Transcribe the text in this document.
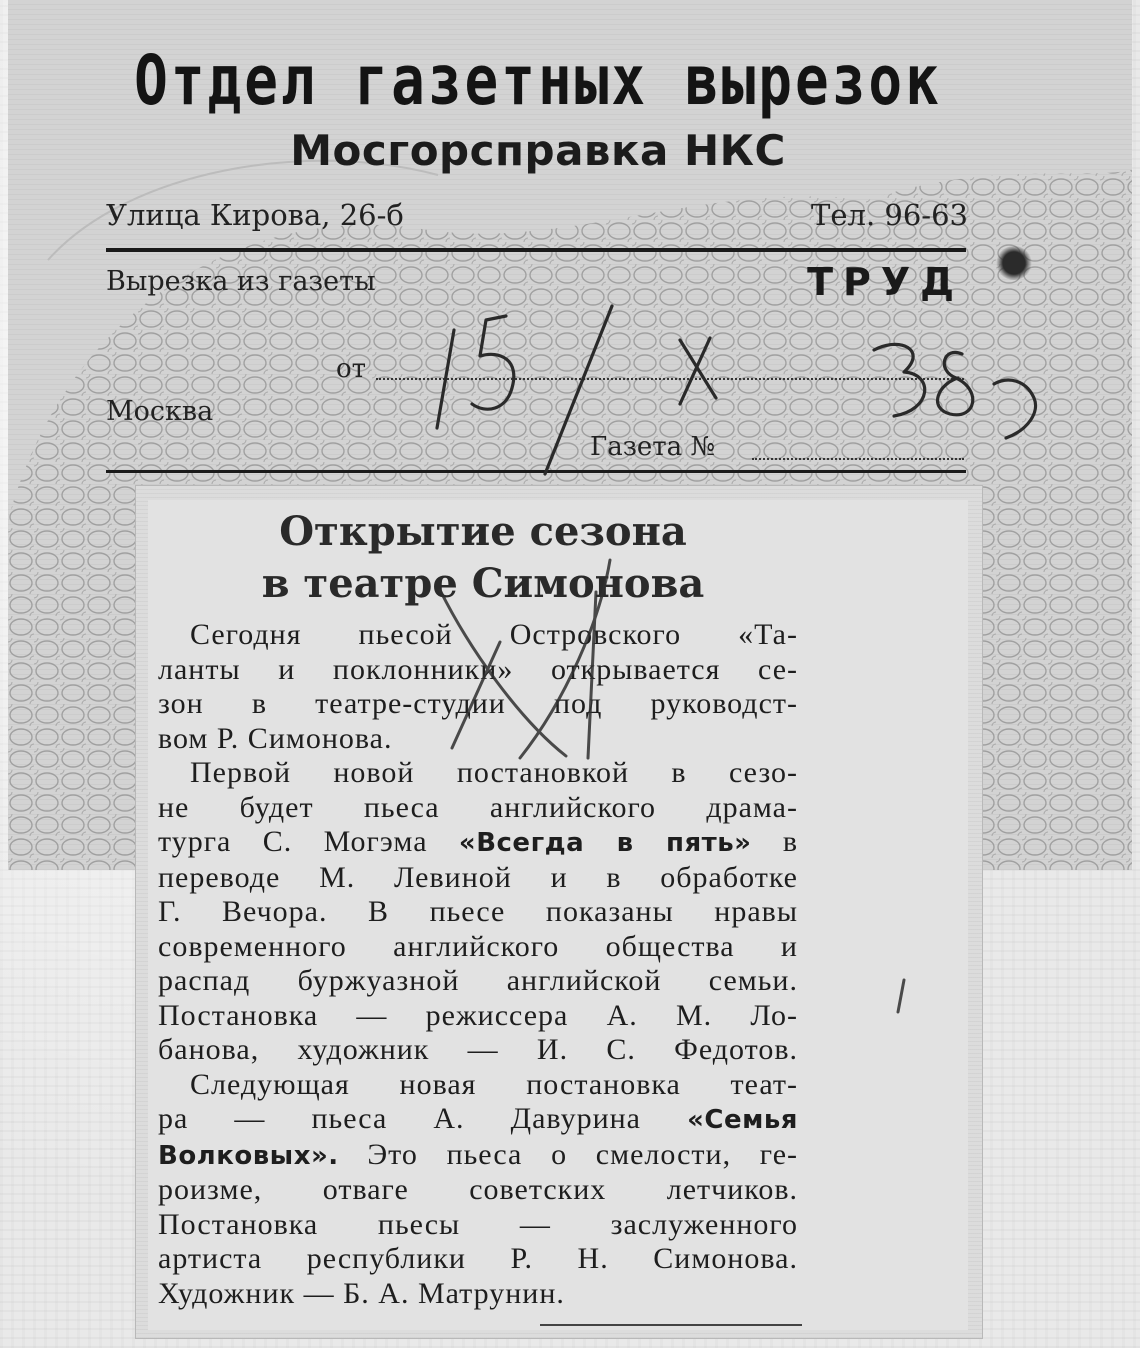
Отдел газетных вырезок
Мосгорсправка НКС
Улица Кирова, 26-б	Тел. 96-63
Вырезка из газеты	ТРУД
от
Москва
Газета №
Открытие сезона
в театре Симонова
Сегодня пьесой Островского «Та-
ланты и поклонники» открывается се-
зон в театре-студии под руководст-
вом Р. Симонова.
Первой новой постановкой в сезо-
не будет пьеса английского драма-
турга С. Могэма «Всегда в пять» в
переводе М. Левиной и в обработке
Г. Вечора. В пьесе показаны нравы
современного английского общества и
распад буржуазной английской семьи.
Постановка — режиссера А. М. Ло-
банова, художник — И. С. Федотов.
Следующая новая постановка теат-
ра — пьеса А. Давурина «Семья
Волковых». Это пьеса о смелости, ге-
роизме, отваге советских летчиков.
Постановка пьесы — заслуженного
артиста республики Р. Н. Симонова.
Художник — Б. А. Матрунин.
